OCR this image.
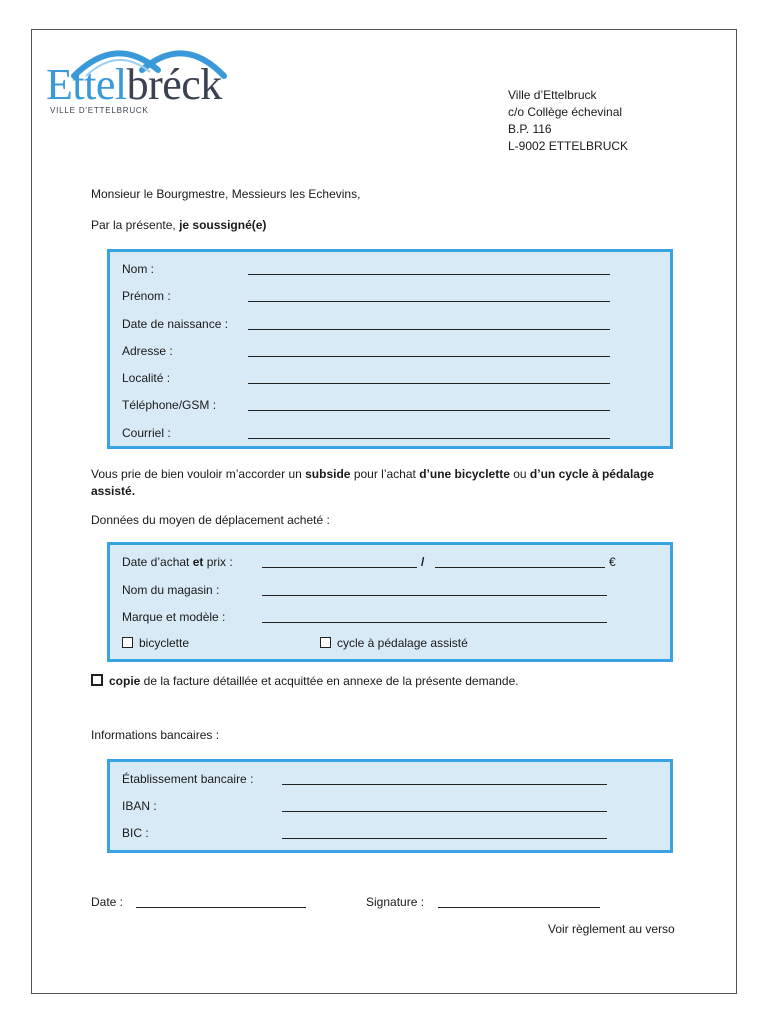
Ettelbréck
VILLE D'ETTELBRUCK
Ville d’Ettelbruck
c/o Collège échevinal
B.P. 116
L-9002 ETTELBRUCK
Monsieur le Bourgmestre, Messieurs les Echevins,
Par la présente, je soussigné(e)
Nom :
Prénom :
Date de naissance :
Adresse :
Localité :
Téléphone/GSM :
Courriel :
Vous prie de bien vouloir m’accorder un subside pour l’achat d’une bicyclette ou d’un cycle à pédalage
assisté.
Données du moyen de déplacement acheté :
Date d’achat et prix :	/	€
Nom du magasin :
Marque et modèle :
bicyclette	cycle à pédalage assisté
copie de la facture détaillée et acquittée en annexe de la présente demande.
Informations bancaires :
Établissement bancaire :
IBAN :
BIC :
Date :	Signature :
Voir règlement au verso
